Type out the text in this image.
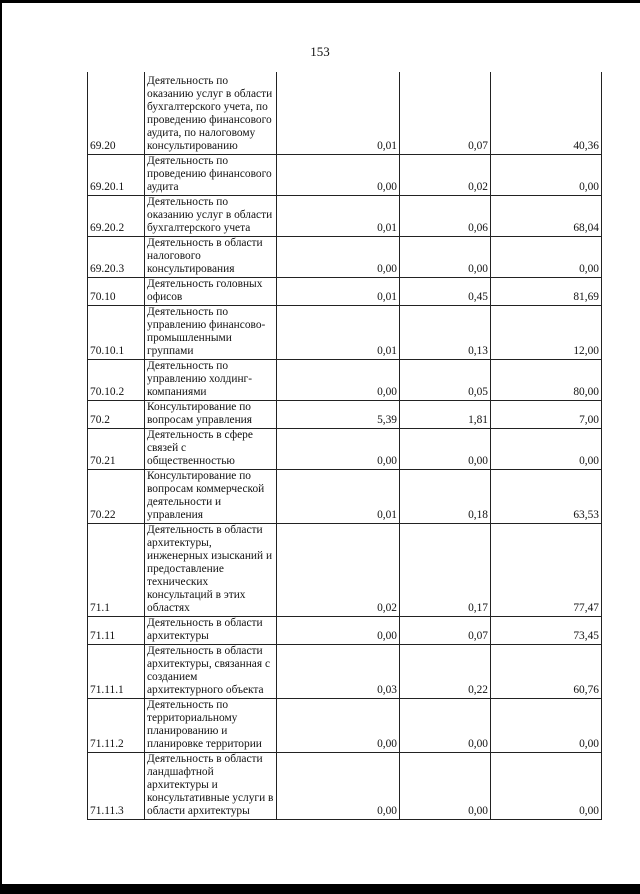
153
69.20	Деятельность по оказанию услуг в области бухгалтерского учета, по проведению финансового аудита, по налоговому консультированию	0,01	0,07	40,36
69.20.1	Деятельность по проведению финансового аудита	0,00	0,02	0,00
69.20.2	Деятельность по оказанию услуг в области бухгалтерского учета	0,01	0,06	68,04
69.20.3	Деятельность в области налогового консультирования	0,00	0,00	0,00
70.10	Деятельность головных офисов	0,01	0,45	81,69
70.10.1	Деятельность по управлению финансово-промышленными группами	0,01	0,13	12,00
70.10.2	Деятельность по управлению холдинг-компаниями	0,00	0,05	80,00
70.2	Консультирование по вопросам управления	5,39	1,81	7,00
70.21	Деятельность в сфере связей с общественностью	0,00	0,00	0,00
70.22	Консультирование по вопросам коммерческой деятельности и управления	0,01	0,18	63,53
71.1	Деятельность в области архитектуры, инженерных изысканий и предоставление технических консультаций в этих областях	0,02	0,17	77,47
71.11	Деятельность в области архитектуры	0,00	0,07	73,45
71.11.1	Деятельность в области архитектуры, связанная с созданием архитектурного объекта	0,03	0,22	60,76
71.11.2	Деятельность по территориальному планированию и планировке территории	0,00	0,00	0,00
71.11.3	Деятельность в области ландшафтной архитектуры и консультативные услуги в области архитектуры	0,00	0,00	0,00
